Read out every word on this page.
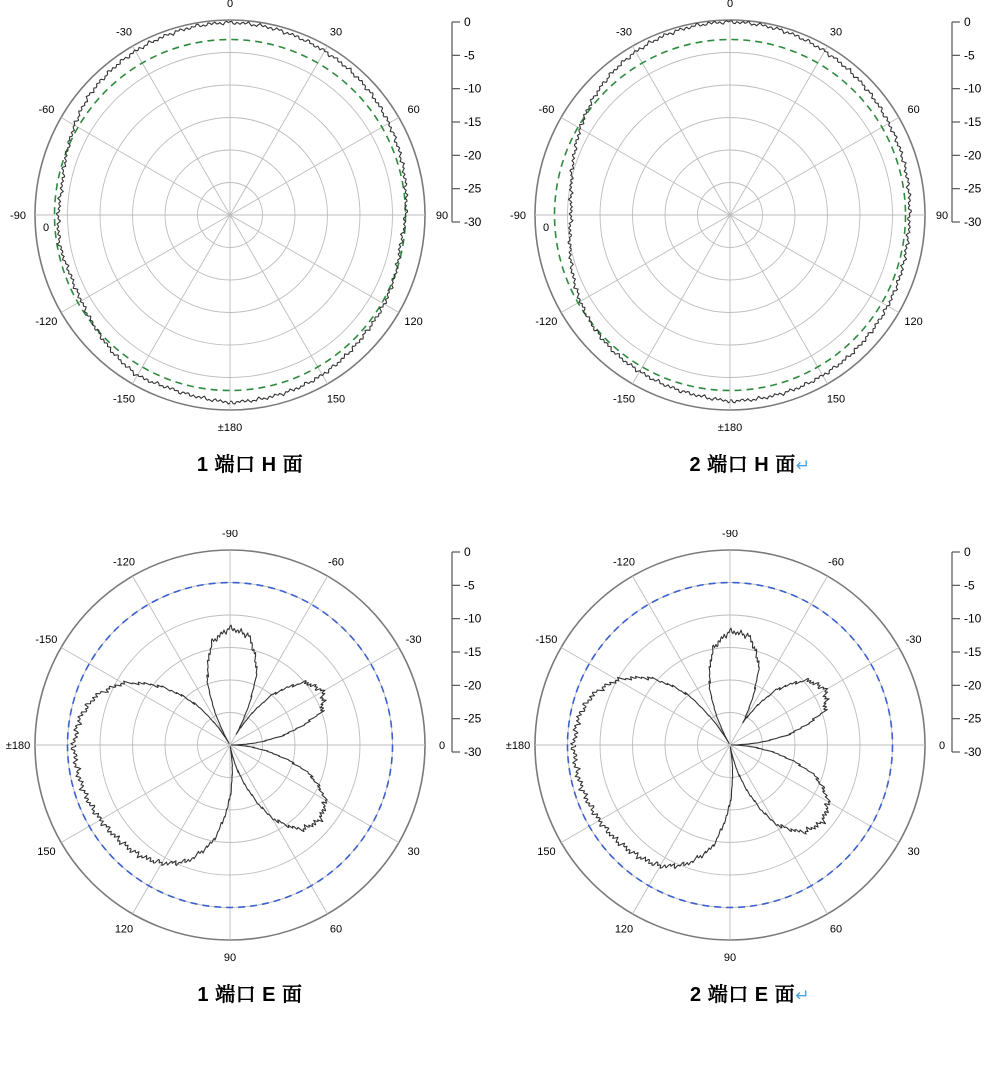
0
30
60
90
120
150
±180
-150
-120
-90
-60
-30
0
0
-5
-10
-15
-20
-25
-30
1 端口 H 面
0
30
60
90
120
150
±180
-150
-120
-90
-60
-30
0
0
-5
-10
-15
-20
-25
-30
2 端口 H 面↵
0
30
60
90
120
150
±180
-150
-120
-90
-60
-30
0
-5
-10
-15
-20
-25
-30
1 端口 E 面
0
30
60
90
120
150
±180
-150
-120
-90
-60
-30
0
-5
-10
-15
-20
-25
-30
2 端口 E 面↵
